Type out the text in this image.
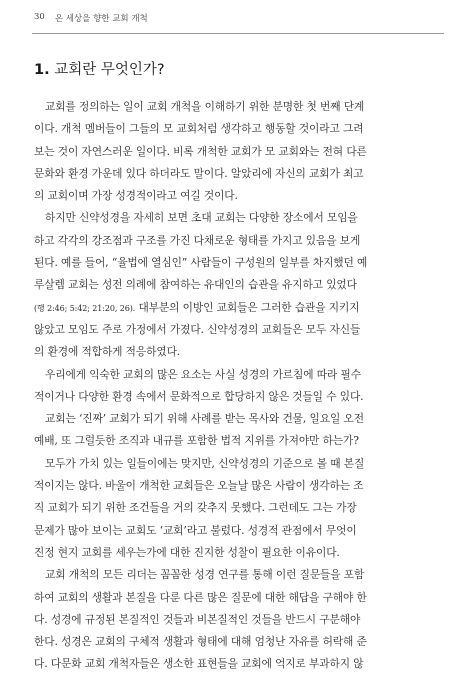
30 온 세상을 향한 교회 개척
1. 교회란 무엇인가?

교회를 정의하는 일이 교회 개척을 이해하기 위한 분명한 첫 번째 단계
이다. 개척 멤버들이 그들의 모 교회처럼 생각하고 행동할 것이라고 그려
보는 것이 자연스러운 일이다. 비록 개척한 교회가 모 교회와는 전혀 다른
문화와 환경 가운데 있다 하더라도 말이다. 알았리에 자신의 교회가 최고
의 교회이며 가장 성경적이라고 여길 것이다.

하지만 신약성경을 자세히 보면 초대 교회는 다양한 장소에서 모임을
하고 각각의 강조점과 구조를 가진 다채로운 형태를 가지고 있음을 보게
된다. 예를 들어, “율법에 열심인” 사람들이 구성원의 일부를 차지했던 예
루살렘 교회는 성전 의례에 참여하는 유대인의 습관을 유지하고 있었다
(행 2:46; 5:42; 21:20, 26). 대부분의 이방인 교회들은 그러한 습관을 지키지
않았고 모임도 주로 가정에서 가졌다. 신약성경의 교회들은 모두 자신들
의 환경에 적합하게 적응하였다.

우리에게 익숙한 교회의 많은 요소는 사실 성경의 가르침에 따라 필수
적이거나 다양한 환경 속에서 문화적으로 합당하지 않은 것들일 수 있다.

교회는 ‘진짜’ 교회가 되기 위해 사례를 받는 목사와 건물, 일요일 오전
예배, 또 그럴듯한 조직과 내규를 포함한 법적 지위를 가져야만 하는가?

모두가 가치 있는 일들이에는 맞지만, 신약성경의 기준으로 볼 때 본질
적이지는 않다. 바울이 개척한 교회들은 오늘날 많은 사람이 생각하는 조
직 교회가 되기 위한 조건들을 거의 갖추지 못했다. 그런데도 그는 가장
문제가 많아 보이는 교회도 ‘교회’라고 불렀다. 성경적 관점에서 무엇이
진정 현지 교회를 세우는가에 대한 진지한 성찰이 필요한 이유이다.

교회 개척의 모든 리더는 꼼꼼한 성경 연구를 통해 이런 질문들을 포함
하여 교회의 생활과 본질을 다룬 다른 많은 질문에 대한 해답을 구해야 한
다. 성경에 규정된 본질적인 것들과 비본질적인 것들을 반드시 구분해야
한다. 성경은 교회의 구체적 생활과 형태에 대해 엄청난 자유를 허락해 준
다. 다문화 교회 개척자들은 생소한 표현들을 교회에 억지로 부과하지 않
